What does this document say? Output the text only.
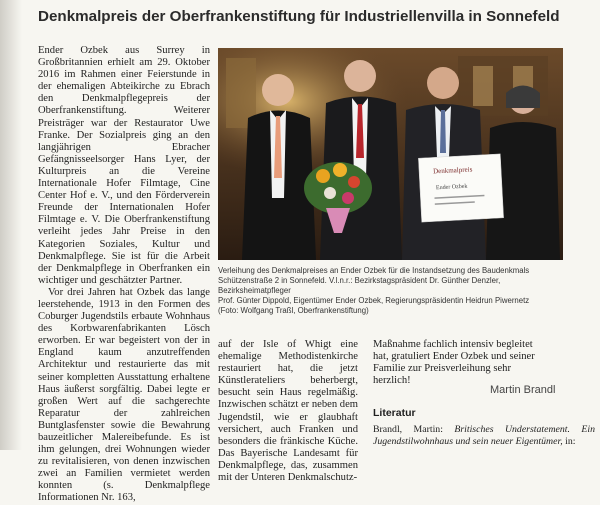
Denkmalpreis der Oberfrankenstiftung für Industriellenvilla in Sonnefeld

Ender Ozbek aus Surrey in Großbritannien erhielt am 29. Oktober 2016 im Rahmen einer Feierstunde in der ehemaligen Abteikirche zu Ebrach den Denkmalpflegepreis der Oberfrankenstiftung. Weiterer Preisträger war der Restaurator Uwe Franke. Der Sozialpreis ging an den langjährigen Ebracher Gefängnisseelsorger Hans Lyer, der Kulturpreis an die Vereine Internationale Hofer Filmtage, Cine Center Hof e. V., und den Förderverein Freunde der Internationalen Hofer Filmtage e. V. Die Oberfrankenstiftung verleiht jedes Jahr Preise in den Kategorien Soziales, Kultur und Denkmalpflege. Sie ist für die Arbeit der Denkmalpflege in Oberfranken ein wichtiger und geschätzter Partner.

Vor drei Jahren hat Ozbek das lange leerstehende, 1913 in den Formen des Coburger Jugendstils erbaute Wohnhaus des Korbwarenfabrikanten Lösch erworben. Er war begeistert von der in England kaum anzutreffenden Architektur und restaurierte das mit seiner kompletten Ausstattung erhaltene Haus äußerst sorgfältig. Dabei legte er großen Wert auf die sachgerechte Reparatur der zahlreichen Buntglasfenster sowie die Bewahrung bauzeitlicher Malereibefunde. Es ist ihm gelungen, drei Wohnungen wieder zu revitalisieren, von denen inzwischen zwei an Familien vermietet werden konnten (s. Denkmalpflege Informationen Nr. 163,

Denkmalpreis
Ender Ozbek

Verleihung des Denkmalpreises an Ender Ozbek für die Instandsetzung des Baudenkmals

Schützenstraße 2 in Sonnefeld. V.l.n.r.: Bezirkstagspräsident Dr. Günther Denzler, Bezirksheimatpfleger

Prof. Günter Dippold, Eigentümer Ender Ozbek, Regierungspräsidentin Heidrun Piwernetz

(Foto: Wolfgang Traßl, Oberfrankenstiftung)

auf der Isle of Whigt eine ehemalige Methodistenkirche restauriert hat, die jetzt Künstlerateliers beherbergt, besucht sein Haus regelmäßig. Inzwischen schätzt er neben dem Jugendstil, wie er glaubhaft versichert, auch Franken und besonders die fränkische Küche. Das Bayerische Landesamt für Denkmalpflege, das, zusammen mit der Unteren Denkmalschutz-

Maßnahme fachlich intensiv begleitet hat, gratuliert Ender Ozbek und seiner Familie zur Preisverleihung sehr herzlich!

Martin Brandl
Literatur
Brandl, Martin: Britisches Understatement. Ein Jugendstilwohnhaus und sein neuer Eigentümer, in:
